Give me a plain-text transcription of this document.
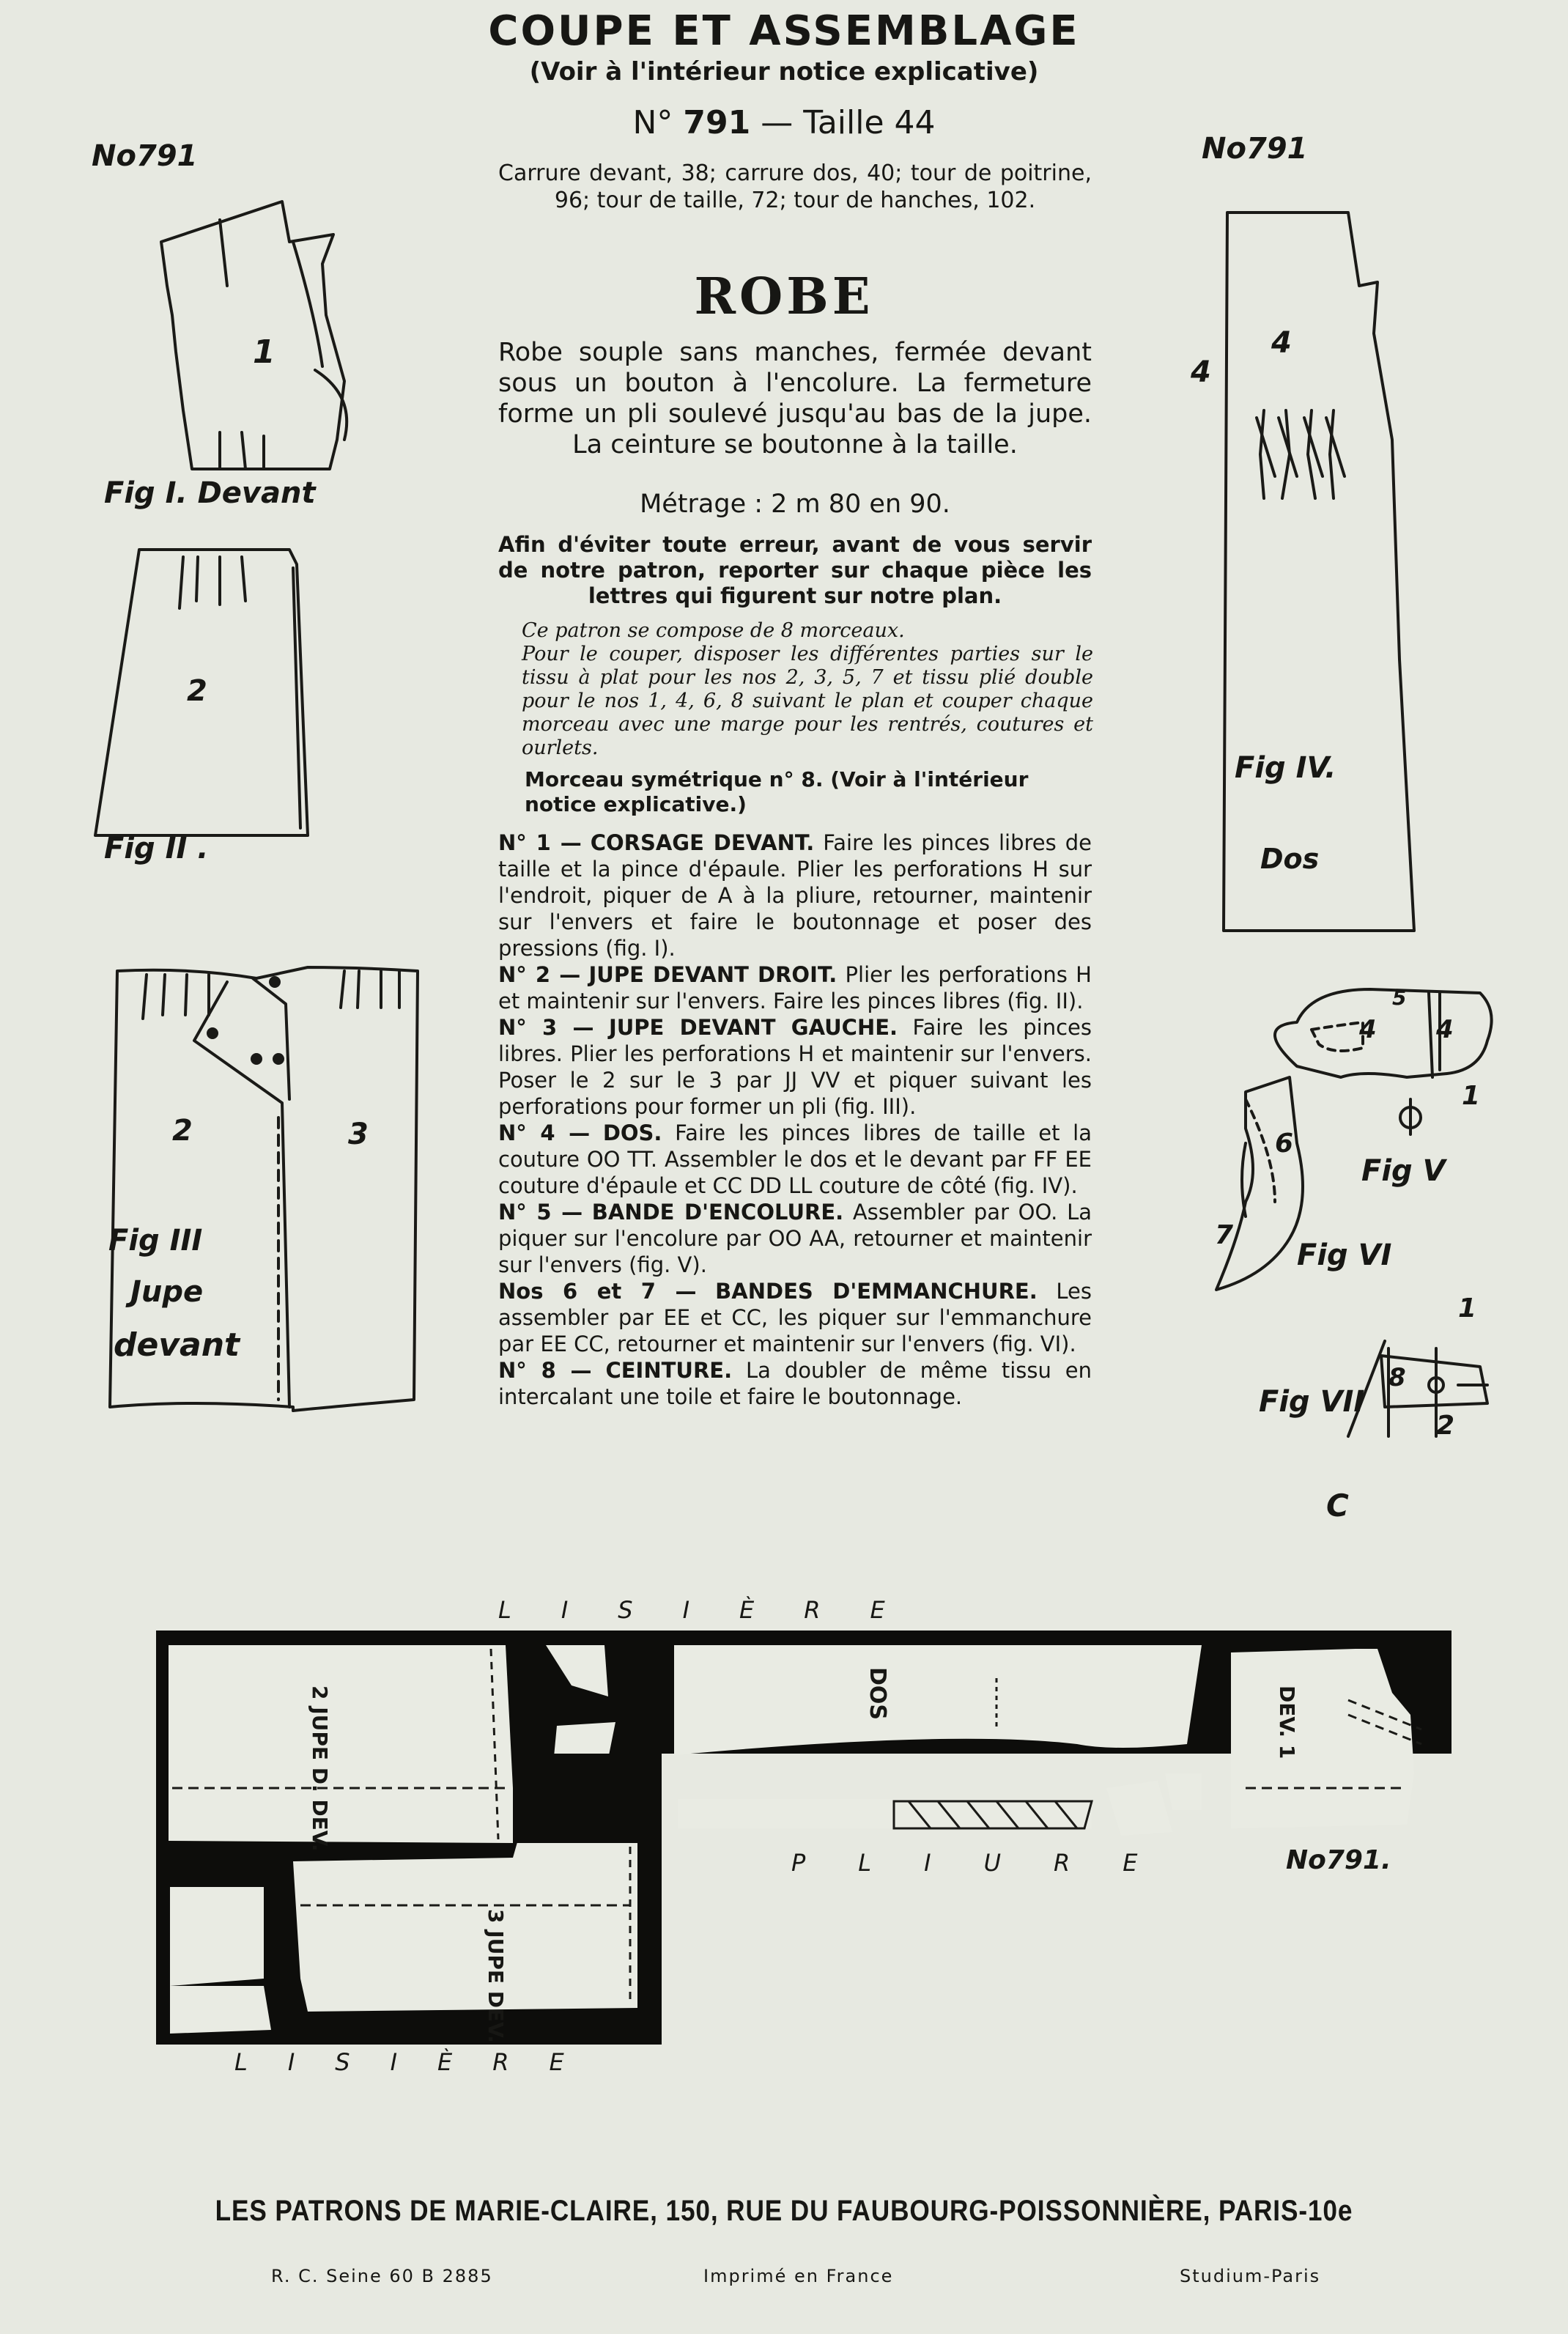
COUPE ET ASSEMBLAGE
(Voir à l'intérieur notice explicative)
N° 791 — Taille 44
Carrure devant, 38; carrure dos, 40; tour de poitrine, 96; tour de taille, 72; tour de hanches, 102.
ROBE
Robe souple sans manches, fermée devant sous un bouton à l'encolure. La fermeture forme un pli soulevé jusqu'au bas de la jupe. La ceinture se boutonne à la taille.
Métrage : 2 m 80 en 90.
Afin d'éviter toute erreur, avant de vous servir de notre patron, reporter sur chaque pièce les lettres qui figurent sur notre plan.

Ce patron se compose de 8 morceaux.

Pour le couper, disposer les différentes parties sur le tissu à plat pour les nos 2, 3, 5, 7 et tissu plié double pour le nos 1, 4, 6, 8 suivant le plan et couper chaque morceau avec une marge pour les rentrés, coutures et ourlets.

Morceau symétrique n° 8. (Voir à l'intérieur notice explicative.)

N° 1 — CORSAGE DEVANT. Faire les pinces libres de taille et la pince d'épaule. Plier les perforations H sur l'endroit, piquer de A à la pliure, retourner, maintenir sur l'envers et faire le boutonnage et poser des pressions (fig. I).

N° 2 — JUPE DEVANT DROIT. Plier les perforations H et maintenir sur l'envers. Faire les pinces libres (fig. II).

N° 3 — JUPE DEVANT GAUCHE. Faire les pinces libres. Plier les perforations H et maintenir sur l'envers. Poser le 2 sur le 3 par JJ VV et piquer suivant les perforations pour former un pli (fig. III).

N° 4 — DOS. Faire les pinces libres de taille et la couture OO TT. Assembler le dos et le devant par FF EE couture d'épaule et CC DD LL couture de côté (fig. IV).

N° 5 — BANDE D'ENCOLURE. Assembler par OO. La piquer sur l'encolure par OO AA, retourner et maintenir sur l'envers (fig. V).

Nos 6 et 7 — BANDES D'EMMANCHURE. Les assembler par EE et CC, les piquer sur l'emmanchure par EE CC, retourner et maintenir sur l'envers (fig. VI).

N° 8 — CEINTURE. La doubler de même tissu en intercalant une toile et faire le boutonnage.

No791	No791
1
Fig I. Devant
2
Fig II .
2	3
Fig III
Jupe
devant
4
4
Fig IV.
Dos
4 4
5
1
Fig V
6
7
Fig VI
1
8
2
Fig VII
C
LISIÈRE
PLIURE	No791.
LISIÈRE
2 JUPE D. DEV.
3 JUPE DEV.
DOS	DEV. 1
LES PATRONS DE MARIE-CLAIRE, 150, RUE DU FAUBOURG-POISSONNIÈRE, PARIS-10e
R. C. Seine 60 B 2885	Imprimé en France	Studium-Paris
